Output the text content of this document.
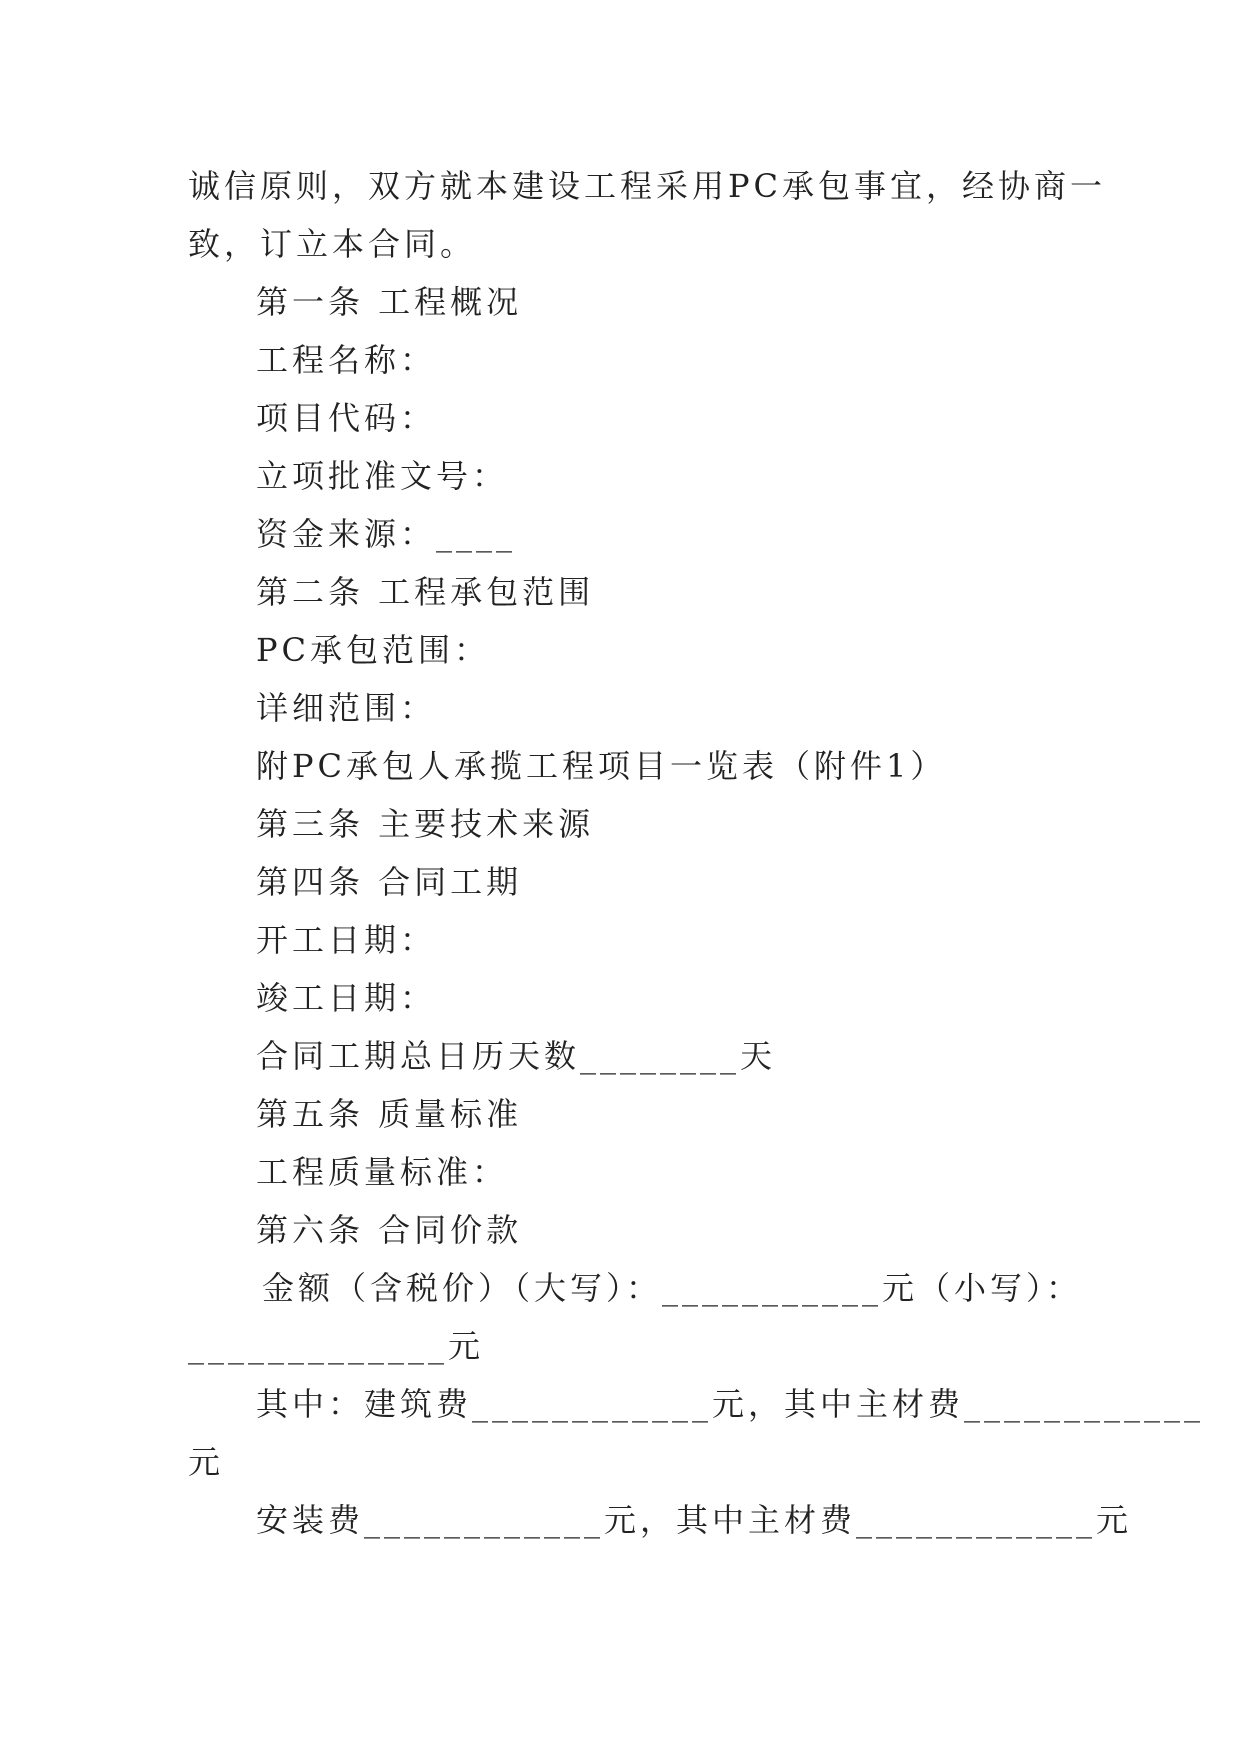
诚信原则，双方就本建设工程采用PC承包事宜，经协商一
致，订立本合同。
第一条 工程概况
工程名称：
项目代码：
立项批准文号：
资金来源：____
第二条 工程承包范围
PC承包范围：
详细范围：
附PC承包人承揽工程项目一览表（附件1）
第三条 主要技术来源
第四条 合同工期
开工日期：
竣工日期：
合同工期总日历天数________天
第五条 质量标准
工程质量标准：
第六条 合同价款
金额（含税价）（大写）：___________元（小写）：
_____________元
其中：建筑费____________元，其中主材费____________
元
安装费____________元，其中主材费____________元
